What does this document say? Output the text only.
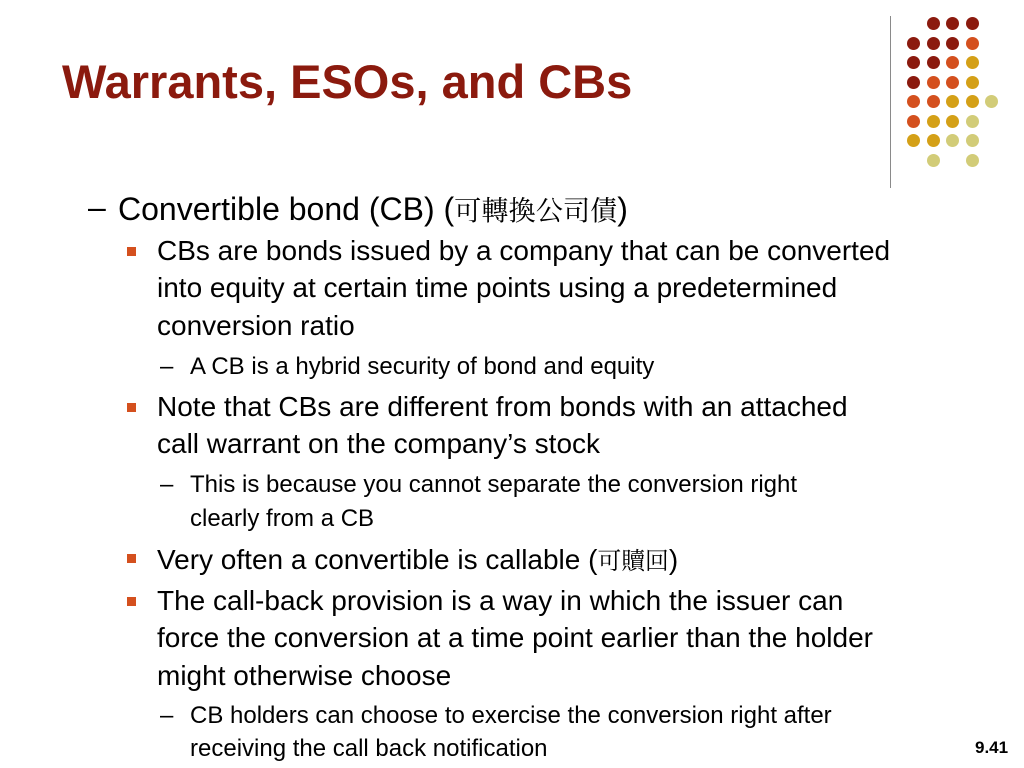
Warrants, ESOs, and CBs
– Convertible bond (CB) (可轉換公司債)
CBs are bonds issued by a company that can be converted
into equity at certain time points using a predetermined
conversion ratio
– A CB is a hybrid security of bond and equity
Note that CBs are different from bonds with an attached
call warrant on the company’s stock
– This is because you cannot separate the conversion right
clearly from a CB
Very often a convertible is callable (可贖回)
The call-back provision is a way in which the issuer can
force the conversion at a time point earlier than the holder
might otherwise choose
– CB holders can choose to exercise the conversion right after
receiving the call back notification	9.41
